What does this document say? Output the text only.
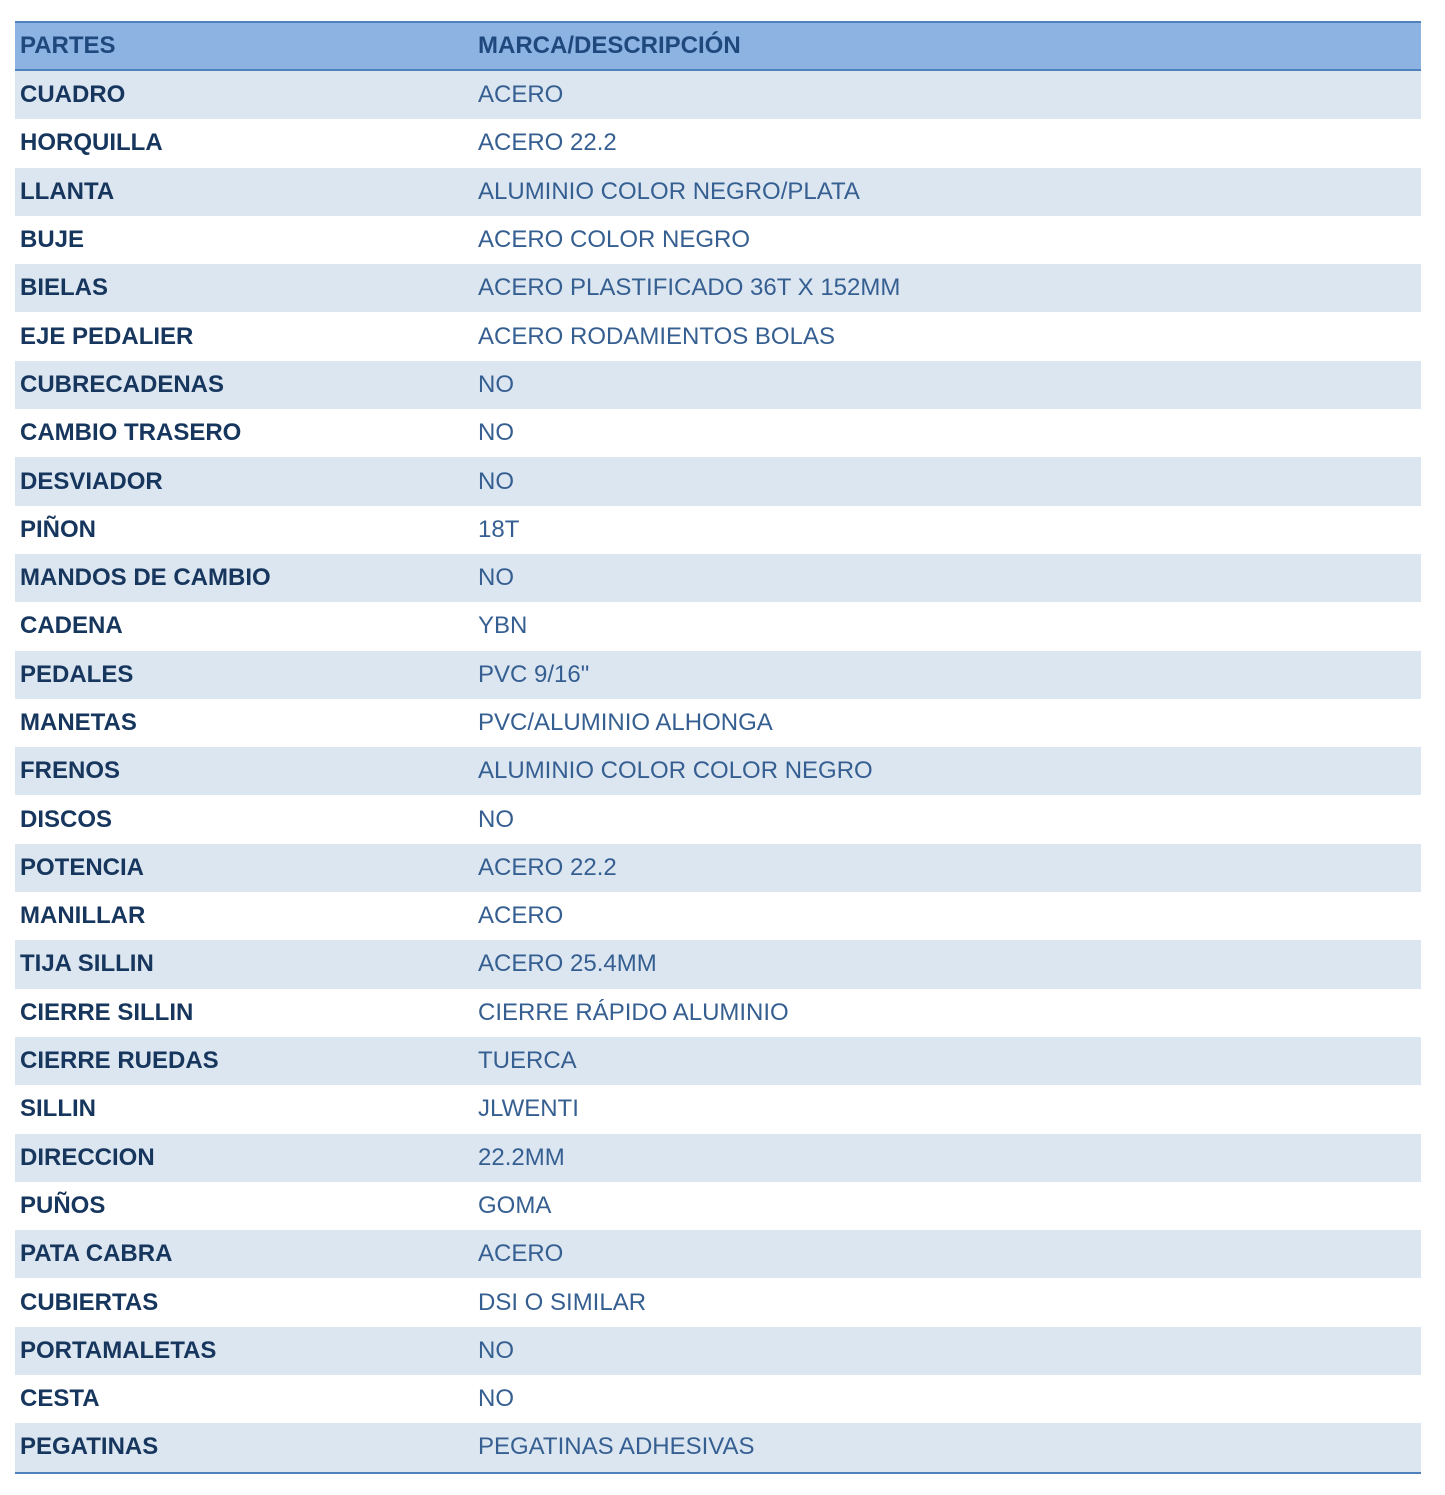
PARTES	MARCA/DESCRIPCIÓN
CUADRO	ACERO
HORQUILLA	ACERO 22.2
LLANTA	ALUMINIO COLOR NEGRO/PLATA
BUJE	ACERO COLOR NEGRO
BIELAS	ACERO PLASTIFICADO 36T X 152MM
EJE PEDALIER	ACERO RODAMIENTOS BOLAS
CUBRECADENAS	NO
CAMBIO TRASERO	NO
DESVIADOR	NO
PIÑON	18T
MANDOS DE CAMBIO	NO
CADENA	YBN
PEDALES	PVC 9/16"
MANETAS	PVC/ALUMINIO ALHONGA
FRENOS	ALUMINIO COLOR COLOR NEGRO
DISCOS	NO
POTENCIA	ACERO 22.2
MANILLAR	ACERO
TIJA SILLIN	ACERO 25.4MM
CIERRE SILLIN	CIERRE RÁPIDO ALUMINIO
CIERRE RUEDAS	TUERCA
SILLIN	JLWENTI
DIRECCION	22.2MM
PUÑOS	GOMA
PATA CABRA	ACERO
CUBIERTAS	DSI O SIMILAR
PORTAMALETAS	NO
CESTA	NO
PEGATINAS	PEGATINAS ADHESIVAS
